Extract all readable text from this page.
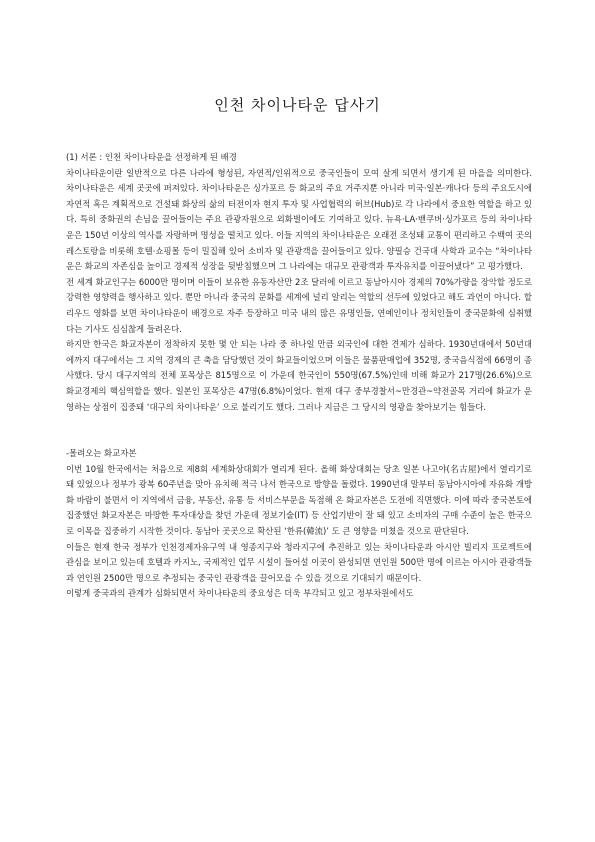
인천 차이나타운 답사기

(1) 서론 : 인천 차이나타운을 선정하게 된 배경

차이나타운이란 일반적으로 다른 나라에 형성된, 자연적/인위적으로 중국인들이 모여 살게 되면서 생기게 된 마을을 의미한다. 차이나타운은 세계 곳곳에 퍼져있다. 차이나타운은 싱가포르 등 화교의 주요 거주지뿐 아니라 미국·일본·캐나다 등의 주요도시에 자연적 혹은 계획적으로 건설돼 화상의 삶의 터전이자 현지 투자 및 사업협력의 허브(Hub)로 각 나라에서 중요한 역할을 하고 있다. 특히 중화권의 손님을 끌어들이는 주요 관광자원으로 외화벌이에도 기여하고 있다. 뉴욕·LA·밴쿠버·싱가포르 등의 차이나타운은 150년 이상의 역사를 자랑하며 명성을 떨치고 있다. 이들 지역의 차이나타운은 오래전 조성돼 교통이 편리하고 수백여 곳의 레스토랑을 비롯해 호텔·쇼핑몰 등이 밀집해 있어 소비자 및 관광객을 끌어들이고 있다. 양필승 건국대 사학과 교수는 “차이나타운은 화교의 자존심을 높이고 경제적 성장을 뒷받침했으며 그 나라에는 대규모 관광객과 투자유치를 이끌어냈다” 고 평가했다.

전 세계 화교인구는 6000만 명이며 이들이 보유한 유동자산만 2조 달러에 이르고 동남아시아 경제의 70%가량을 장악할 정도로 강력한 영향력을 행사하고 있다. 뿐만 아니라 중국의 문화를 세계에 널리 알리는 역할의 선두에 있었다고 해도 과언이 아니다. 할리우드 영화를 보면 차이나타운이 배경으로 자주 등장하고 미국 내의 많은 유명인들, 연예인이나 정치인들이 중국문화에 심취했다는 기사도 심심찮게 들려온다.

하지만 한국은 화교자본이 정착하지 못한 몇 안 되는 나라 중 하나일 만큼 외국인에 대한 견제가 심하다. 1930년대에서 50년대에까지 대구에서는 그 지역 경제의 큰 축을 담당했던 것이 화교들이었으며 이들은 물품판매업에 352명, 중국음식점에 66명이 종사했다. 당시 대구지역의 전체 포목상은 815명으로 이 가운데 한국인이 550명(67.5%)인데 비해 화교가 217명(26.6%)으로 화교경제의 핵심역할을 했다. 일본인 포목상은 47명(6.8%)이었다. 현재 대구 중부경찰서~만경관~약전골목 거리에 화교가 운영하는 상점이 집중돼 ‘대구의 차이나타운’ 으로 불리기도 했다. 그러나 지금은 그 당시의 영광을 찾아보기는 힘들다.

-몰려오는 화교자본

이번 10월 한국에서는 처음으로 제8회 세계화상대회가 열리게 된다. 올해 화상대회는 당초 일본 나고야(名古屋)에서 열리기로 돼 있었으나 정부가 광복 60주년을 맞아 유치해 적극 나서 한국으로 방향을 돌렸다. 1990년대 말부터 동남아시아에 자유화 개방화 바람이 불면서 이 지역에서 금융, 부동산, 유통 등 서비스부문을 독점해 온 화교자본은 도전에 직면했다. 이에 따라 중국본토에 집중했던 화교자본은 마땅한 투자대상을 찾던 가운데 정보기술(IT) 등 산업기반이 잘 돼 있고 소비자의 구매 수준이 높은 한국으로 이목을 집중하기 시작한 것이다. 동남아 곳곳으로 확산된 ‘한류(韓流)’ 도 큰 영향을 미쳤을 것으로 판단된다.

이들은 현재 한국 정부가 인천경제자유구역 내 영종지구와 청라지구에 추진하고 있는 차이나타운과 아시안 빌리지 프로젝트에 관심을 보이고 있는데 호텔과 카지노, 국제적인 업무 시설이 들어설 이곳이 완성되면 연인원 500만 명에 이르는 아시아 관광객들과 연인원 2500만 명으로 추정되는 중국인 관광객을 끌어모을 수 있을 것으로 기대되기 때문이다.

이렇게 중국과의 관계가 심화되면서 차이나타운의 중요성은 더욱 부각되고 있고 정부차원에서도
